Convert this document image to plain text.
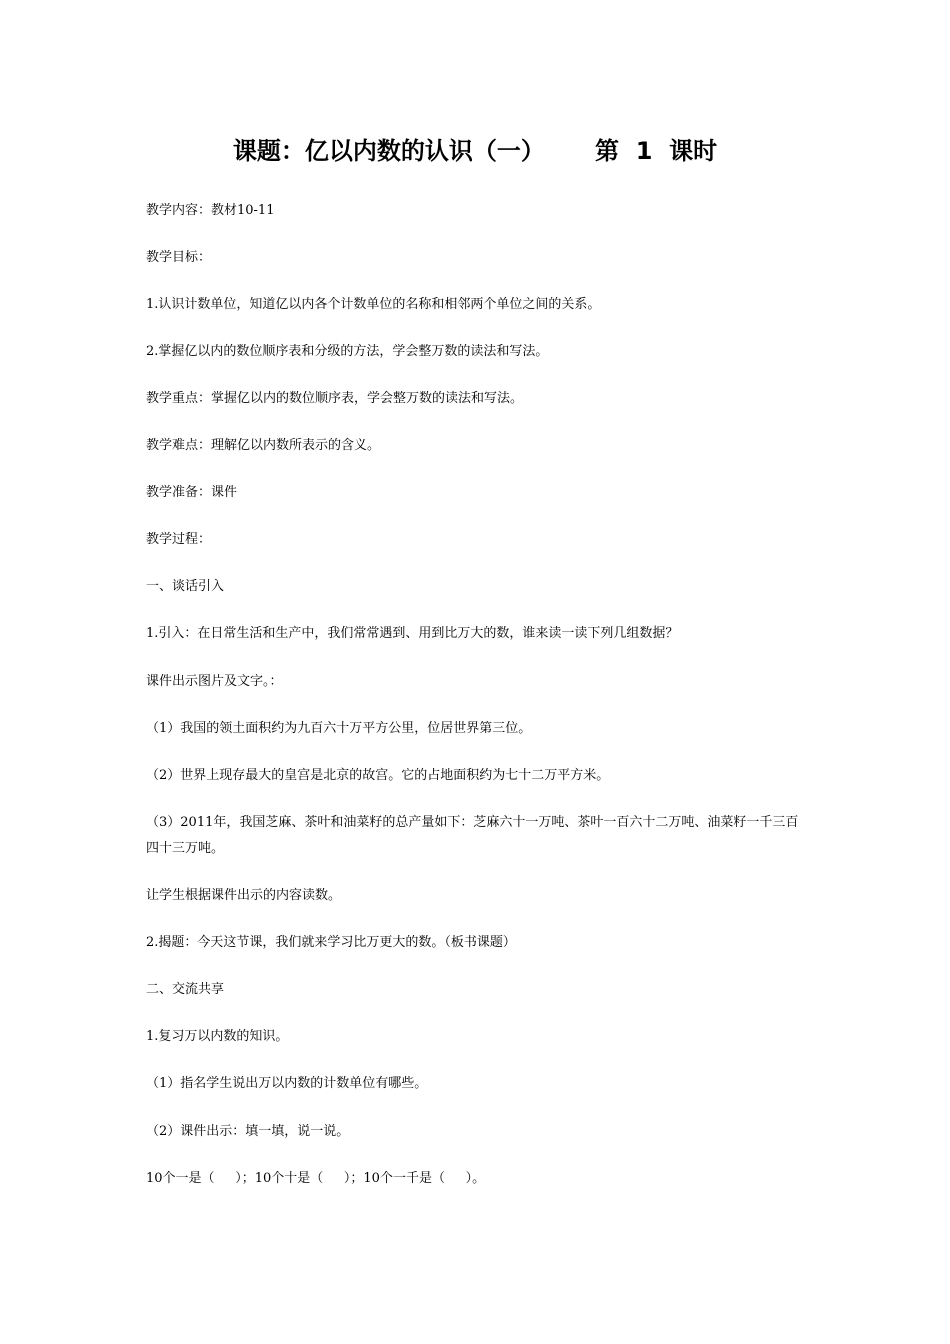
课题：亿以内数的认识（一）      第  1  课时
教学内容：教材10-11
教学目标：
1.认识计数单位，知道亿以内各个计数单位的名称和相邻两个单位之间的关系。
2.掌握亿以内的数位顺序表和分级的方法，学会整万数的读法和写法。
教学重点：掌握亿以内的数位顺序表，学会整万数的读法和写法。
教学难点：理解亿以内数所表示的含义。
教学准备：课件
教学过程：
一、谈话引入
1.引入：在日常生活和生产中，我们常常遇到、用到比万大的数，谁来读一读下列几组数据？
课件出示图片及文字。：
（1）我国的领土面积约为九百六十万平方公里，位居世界第三位。
（2）世界上现存最大的皇宫是北京的故宫。它的占地面积约为七十二万平方米。
（3）2011年，我国芝麻、茶叶和油菜籽的总产量如下：芝麻六十一万吨、茶叶一百六十二万吨、油菜籽一千三百四十三万吨。
让学生根据课件出示的内容读数。
2.揭题：今天这节课，我们就来学习比万更大的数。（板书课题）
二、交流共享
1.复习万以内数的知识。
（1）指名学生说出万以内数的计数单位有哪些。
（2）课件出示：填一填，说一说。
10个一是（     ）；10个十是（     ）；10个一千是（     ）。
